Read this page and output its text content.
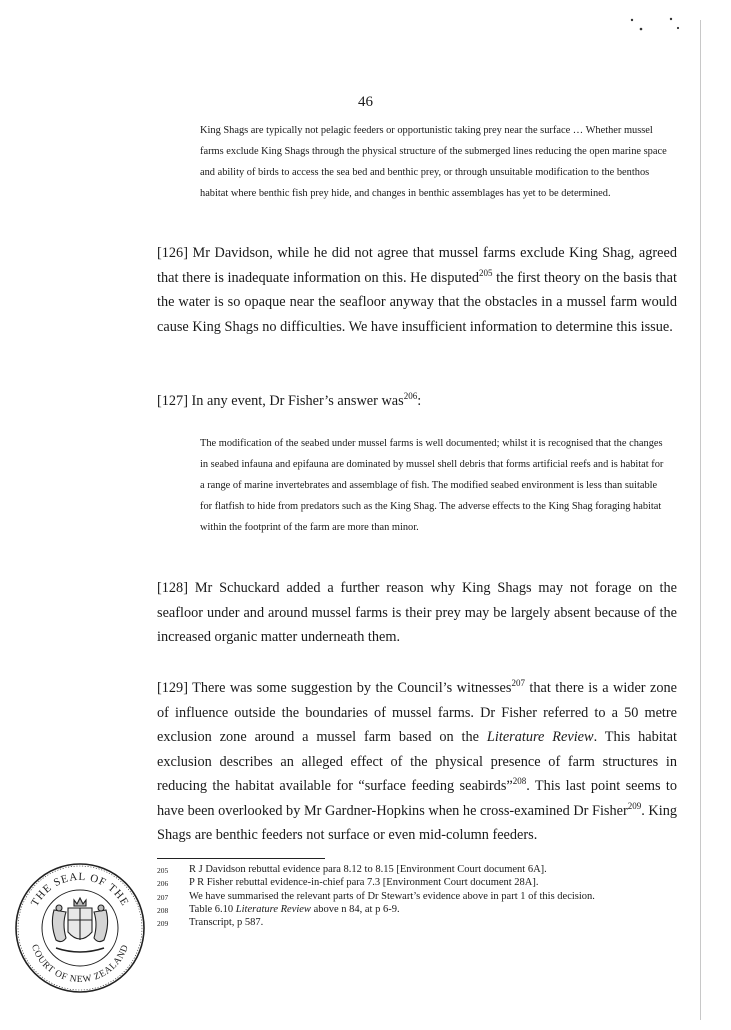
46
King Shags are typically not pelagic feeders or opportunistic taking prey near the surface … Whether mussel farms exclude King Shags through the physical structure of the submerged lines reducing the open marine space and ability of birds to access the sea bed and benthic prey, or through unsuitable modification to the benthos habitat where benthic fish prey hide, and changes in benthic assemblages has yet to be determined.
[126] Mr Davidson, while he did not agree that mussel farms exclude King Shag, agreed that there is inadequate information on this. He disputed$^{205}$ the first theory on the basis that the water is so opaque near the seafloor anyway that the obstacles in a mussel farm would cause King Shags no difficulties. We have insufficient information to determine this issue.
[127] In any event, Dr Fisher’s answer was$^{206}$:
The modification of the seabed under mussel farms is well documented; whilst it is recognised that the changes in seabed infauna and epifauna are dominated by mussel shell debris that forms artificial reefs and is habitat for a range of marine invertebrates and assemblage of fish. The modified seabed environment is less than suitable for flatfish to hide from predators such as the King Shag. The adverse effects to the King Shag foraging habitat within the footprint of the farm are more than minor.
[128] Mr Schuckard added a further reason why King Shags may not forage on the seafloor under and around mussel farms is their prey may be largely absent because of the increased organic matter underneath them.
[129] There was some suggestion by the Council’s witnesses$^{207}$ that there is a wider zone of influence outside the boundaries of mussel farms. Dr Fisher referred to a 50 metre exclusion zone around a mussel farm based on the Literature Review. This habitat exclusion describes an alleged effect of the physical presence of farm structures in reducing the habitat available for “surface feeding seabirds”$^{208}$. This last point seems to have been overlooked by Mr Gardner-Hopkins when he cross-examined Dr Fisher$^{209}$. King Shags are benthic feeders not surface or even mid-column feeders.
205	R J Davidson rebuttal evidence para 8.12 to 8.15 [Environment Court document 6A].
206	P R Fisher rebuttal evidence-in-chief para 7.3 [Environment Court document 28A].
207	We have summarised the relevant parts of Dr Stewart’s evidence above in part 1 of this decision.
208	Table 6.10 Literature Review above n 84, at p 6-9.
209	Transcript, p 587.
THE SEAL OF THE
COURT OF NEW ZEALAND
